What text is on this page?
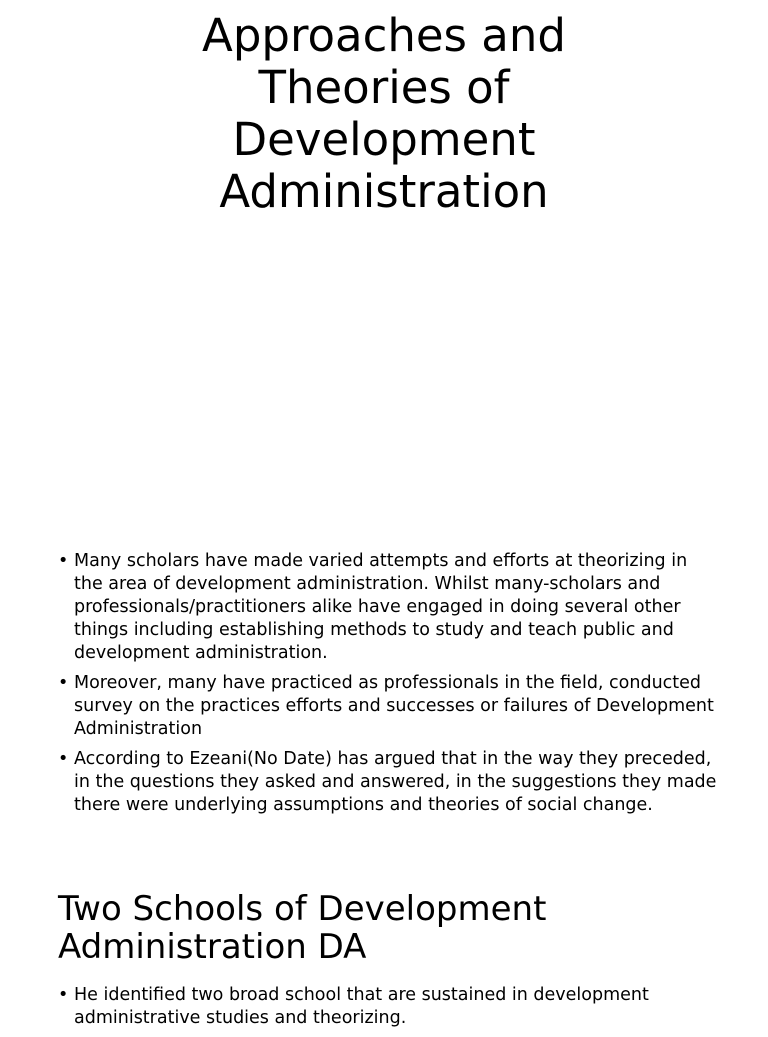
Approaches and
Theories of
Development
Administration
• Many scholars have made varied attempts and efforts at theorizing in the area of development administration. Whilst many-scholars and professionals/practitioners alike have engaged in doing several other things including establishing methods to study and teach public and development administration.
• Moreover, many have practiced as professionals in the field, conducted survey on the practices efforts and successes or failures of Development Administration
• According to Ezeani(No Date) has argued that in the way they preceded, in the questions they asked and answered, in the suggestions they made there were underlying assumptions and theories of social change.
Two Schools of Development
Administration DA
• He identified two broad school that are sustained in development administrative studies and theorizing.
